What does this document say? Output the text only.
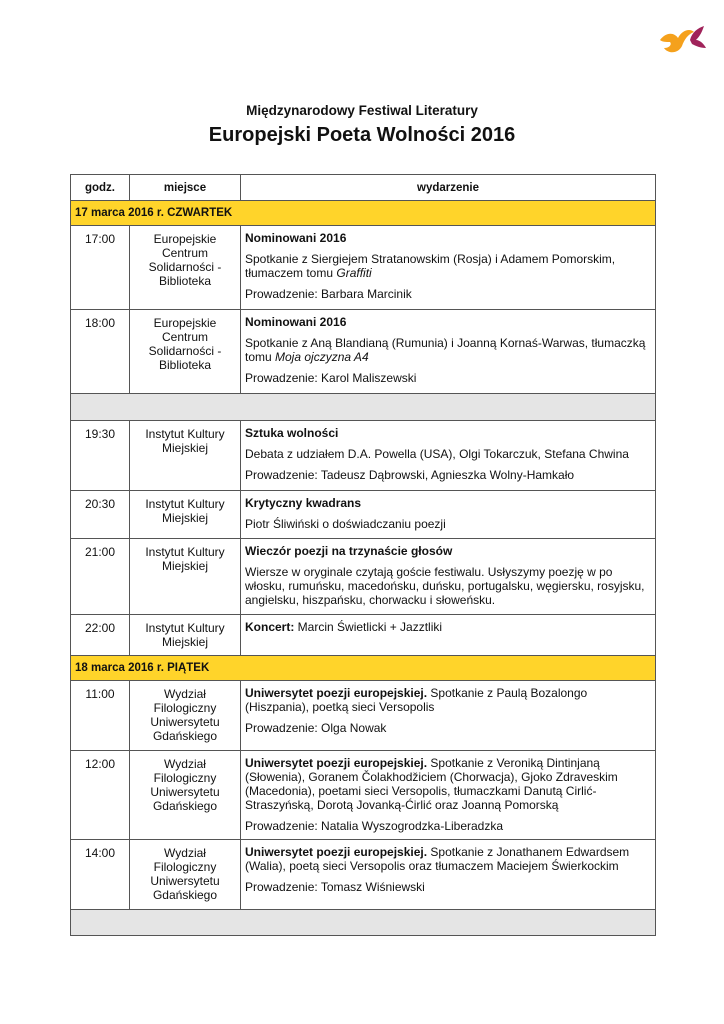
Międzynarodowy Festiwal Literatury
Europejski Poeta Wolności 2016
godz.	miejsce	wydarzenie
17 marca 2016 r. CZWARTEK		
17:00	Europejskie Centrum Solidarności - Biblioteka	Nominowani 2016

Spotkanie z Siergiejem Stratanowskim (Rosja) i Adamem Pomorskim, tłumaczem tomu Graffiti

Prowadzenie: Barbara Marcinik

18:00	Europejskie Centrum Solidarności - Biblioteka	Nominowani 2016

Spotkanie z Aną Blandianą (Rumunia) i Joanną Kornaś-Warwas, tłumaczką tomu Moja ojczyzna A4

Prowadzenie: Karol Maliszewski

19:30	Instytut Kultury Miejskiej	Sztuka wolności

Debata z udziałem D.A. Powella (USA), Olgi Tokarczuk, Stefana Chwina

Prowadzenie: Tadeusz Dąbrowski, Agnieszka Wolny-Hamkało

20:30	Instytut Kultury Miejskiej	Krytyczny kwadrans

Piotr Śliwiński o doświadczaniu poezji

21:00	Instytut Kultury Miejskiej	Wieczór poezji na trzynaście głosów

Wiersze w oryginale czytają goście festiwalu. Usłyszymy poezję w po włosku, rumuńsku, macedońsku, duńsku, portugalsku, węgiersku, rosyjsku, angielsku, hiszpańsku, chorwacku i słoweńsku.

22:00	Instytut Kultury Miejskiej	Koncert: Marcin Świetlicki + Jazztliki

18 marca 2016 r. PIĄTEK		
11:00	Wydział Filologiczny Uniwersytetu Gdańskiego	Uniwersytet poezji europejskiej. Spotkanie z Paulą Bozalongo (Hiszpania), poetką sieci Versopolis

Prowadzenie: Olga Nowak

12:00	Wydział Filologiczny Uniwersytetu Gdańskiego	Uniwersytet poezji europejskiej. Spotkanie z Veroniką Dintinjaną (Słowenia), Goranem Čolakhodžiciem (Chorwacja), Gjoko Zdraveskim (Macedonia), poetami sieci Versopolis, tłumaczkami Danutą Cirlić-Straszyńską, Dorotą Jovanką-Ćirlić oraz Joanną Pomorską

Prowadzenie: Natalia Wyszogrodzka-Liberadzka

14:00	Wydział Filologiczny Uniwersytetu Gdańskiego	Uniwersytet poezji europejskiej. Spotkanie z Jonathanem Edwardsem (Walia), poetą sieci Versopolis oraz tłumaczem Maciejem Świerkockim

Prowadzenie: Tomasz Wiśniewski
